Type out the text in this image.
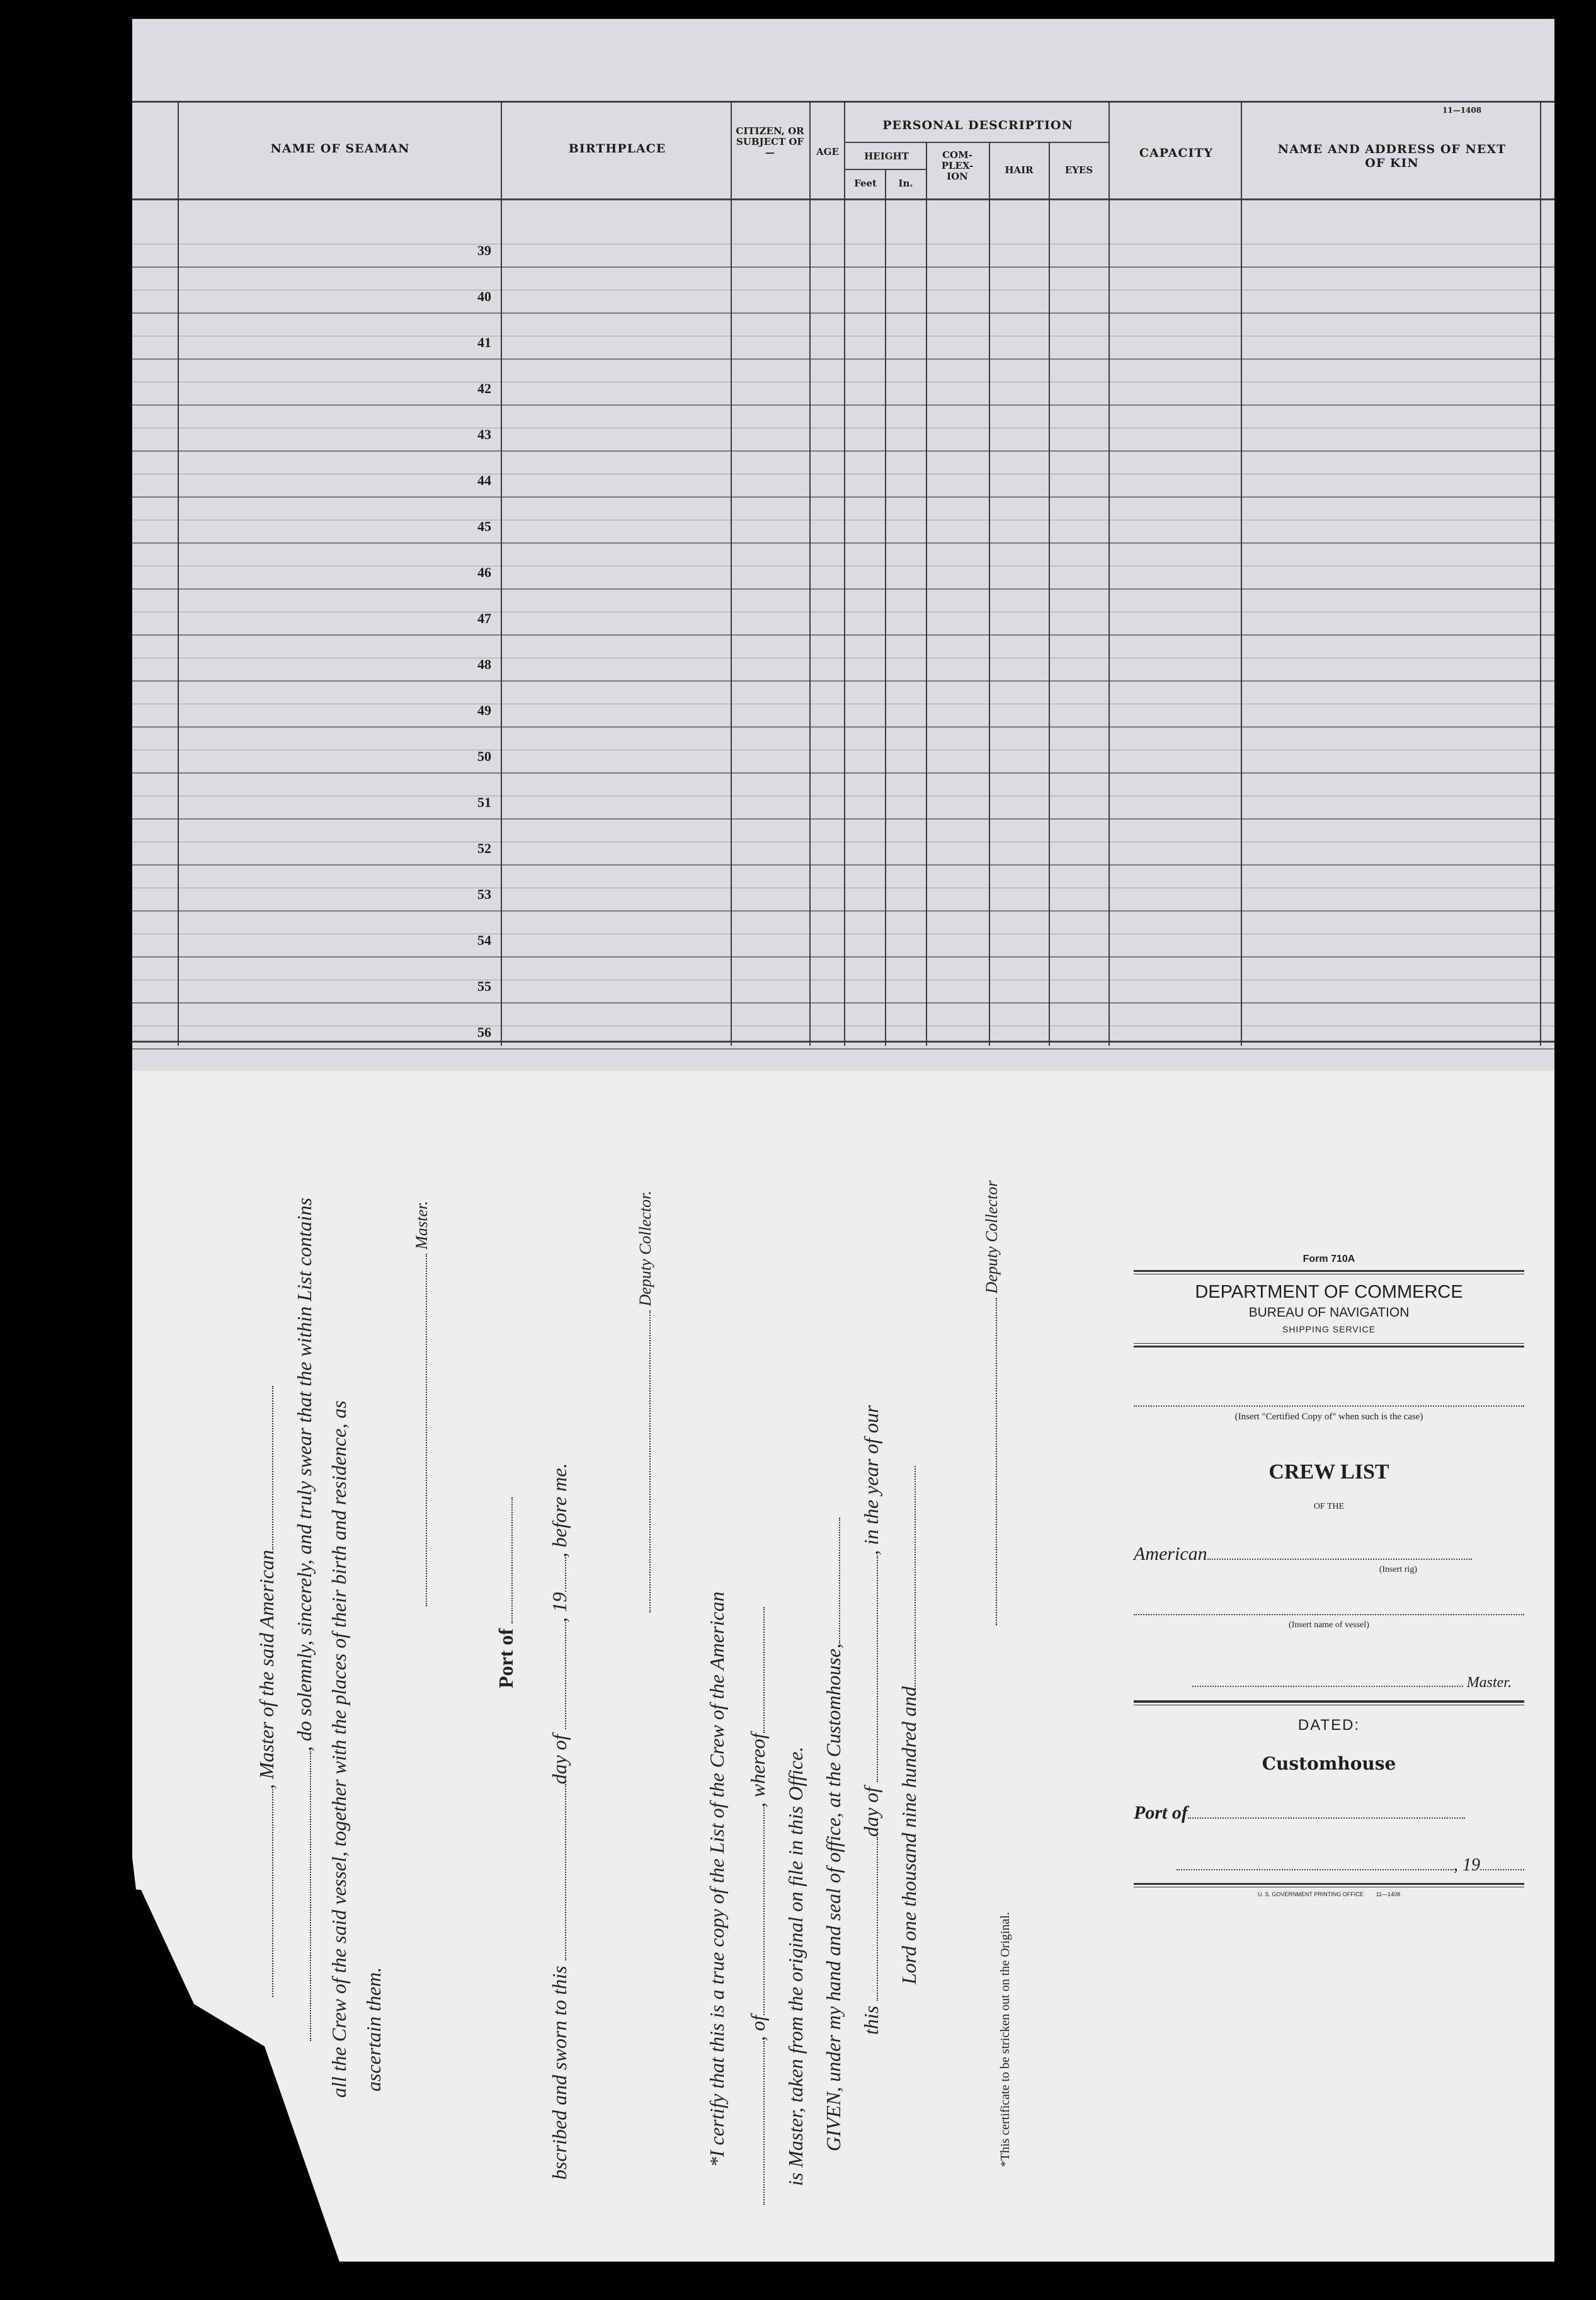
NAME OF SEAMAN	BIRTHPLACE
CITIZEN, OR SUBJECT OF—	AGE
PERSONAL DESCRIPTION
HEIGHT
Feet	In.
COM- PLEX- ION
HAIR	EYES
CAPACITY	NAME AND ADDRESS OF NEXT OF KIN
11—1408
39
40
41
42
43
44
45
46
47
48
49
50
51
52
53
54
55
56
, Master of the said American , do solemnly, sincerely, and truly swear that the within List contains all the Crew of the said vessel, together with the places of their birth and residence, as ascertain them.
Master.
Port of
bscribed and sworn to this day of , 19, before me.
Deputy Collector.
*I certify that this is a true copy of the List of the Crew of the American , of, whereof is Master, taken from the original on file in this Office. GIVEN, under my hand and seal of office, at the Customhouse, this day of , in the year of our
Lord one thousand nine hundred and
Deputy Collector
*This certificate to be stricken out on the Original.
Form 710A
DEPARTMENT OF COMMERCE
BUREAU OF NAVIGATION
SHIPPING SERVICE
(Insert "Certified Copy of" when such is the case)
CREW LIST
OF THE
American
(Insert rig)
(Insert name of vessel)
Master.
DATED:
Customhouse
Port of
, 19
U. S. GOVERNMENT PRINTING OFFICE 11—1408
